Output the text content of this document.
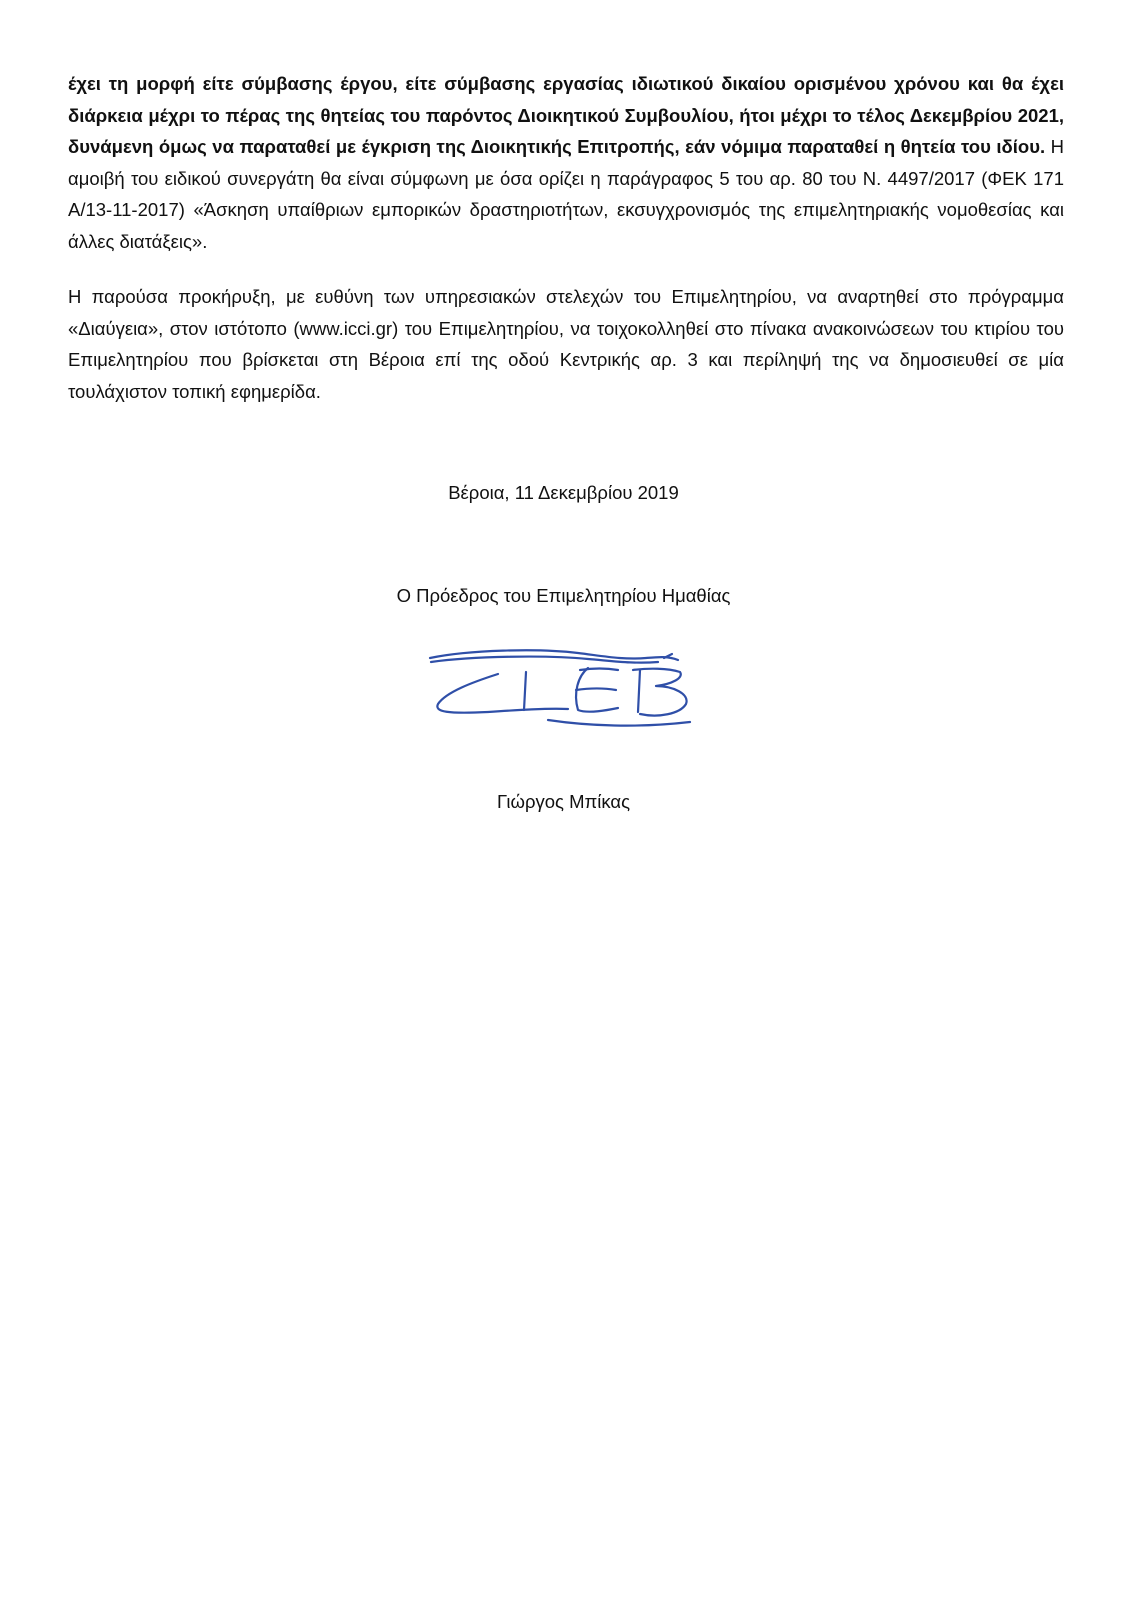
έχει τη μορφή είτε σύμβασης έργου, είτε σύμβασης εργασίας ιδιωτικού δικαίου ορισμένου χρόνου και θα έχει διάρκεια μέχρι το πέρας της θητείας του παρόντος Διοικητικού Συμβουλίου, ήτοι μέχρι το τέλος Δεκεμβρίου 2021, δυνάμενη όμως να παραταθεί με έγκριση της Διοικητικής Επιτροπής, εάν νόμιμα παραταθεί η θητεία του ιδίου. Η αμοιβή του ειδικού συνεργάτη θα είναι σύμφωνη με όσα ορίζει η παράγραφος 5 του αρ. 80 του Ν. 4497/2017 (ΦΕΚ 171 Α/13-11-2017) «Άσκηση υπαίθριων εμπορικών δραστηριοτήτων, εκσυγχρονισμός της επιμελητηριακής νομοθεσίας και άλλες διατάξεις».

Η παρούσα προκήρυξη, με ευθύνη των υπηρεσιακών στελεχών του Επιμελητηρίου, να αναρτηθεί στο πρόγραμμα «Διαύγεια», στον ιστότοπο (www.icci.gr) του Επιμελητηρίου, να τοιχοκολληθεί στο πίνακα ανακοινώσεων του κτιρίου του Επιμελητηρίου που βρίσκεται στη Βέροια επί της οδού Κεντρικής αρ. 3 και περίληψή της να δημοσιευθεί σε μία τουλάχιστον τοπική εφημερίδα.

Βέροια, 11 Δεκεμβρίου 2019

Ο Πρόεδρος του Επιμελητηρίου Ημαθίας

Γιώργος Μπίκας
